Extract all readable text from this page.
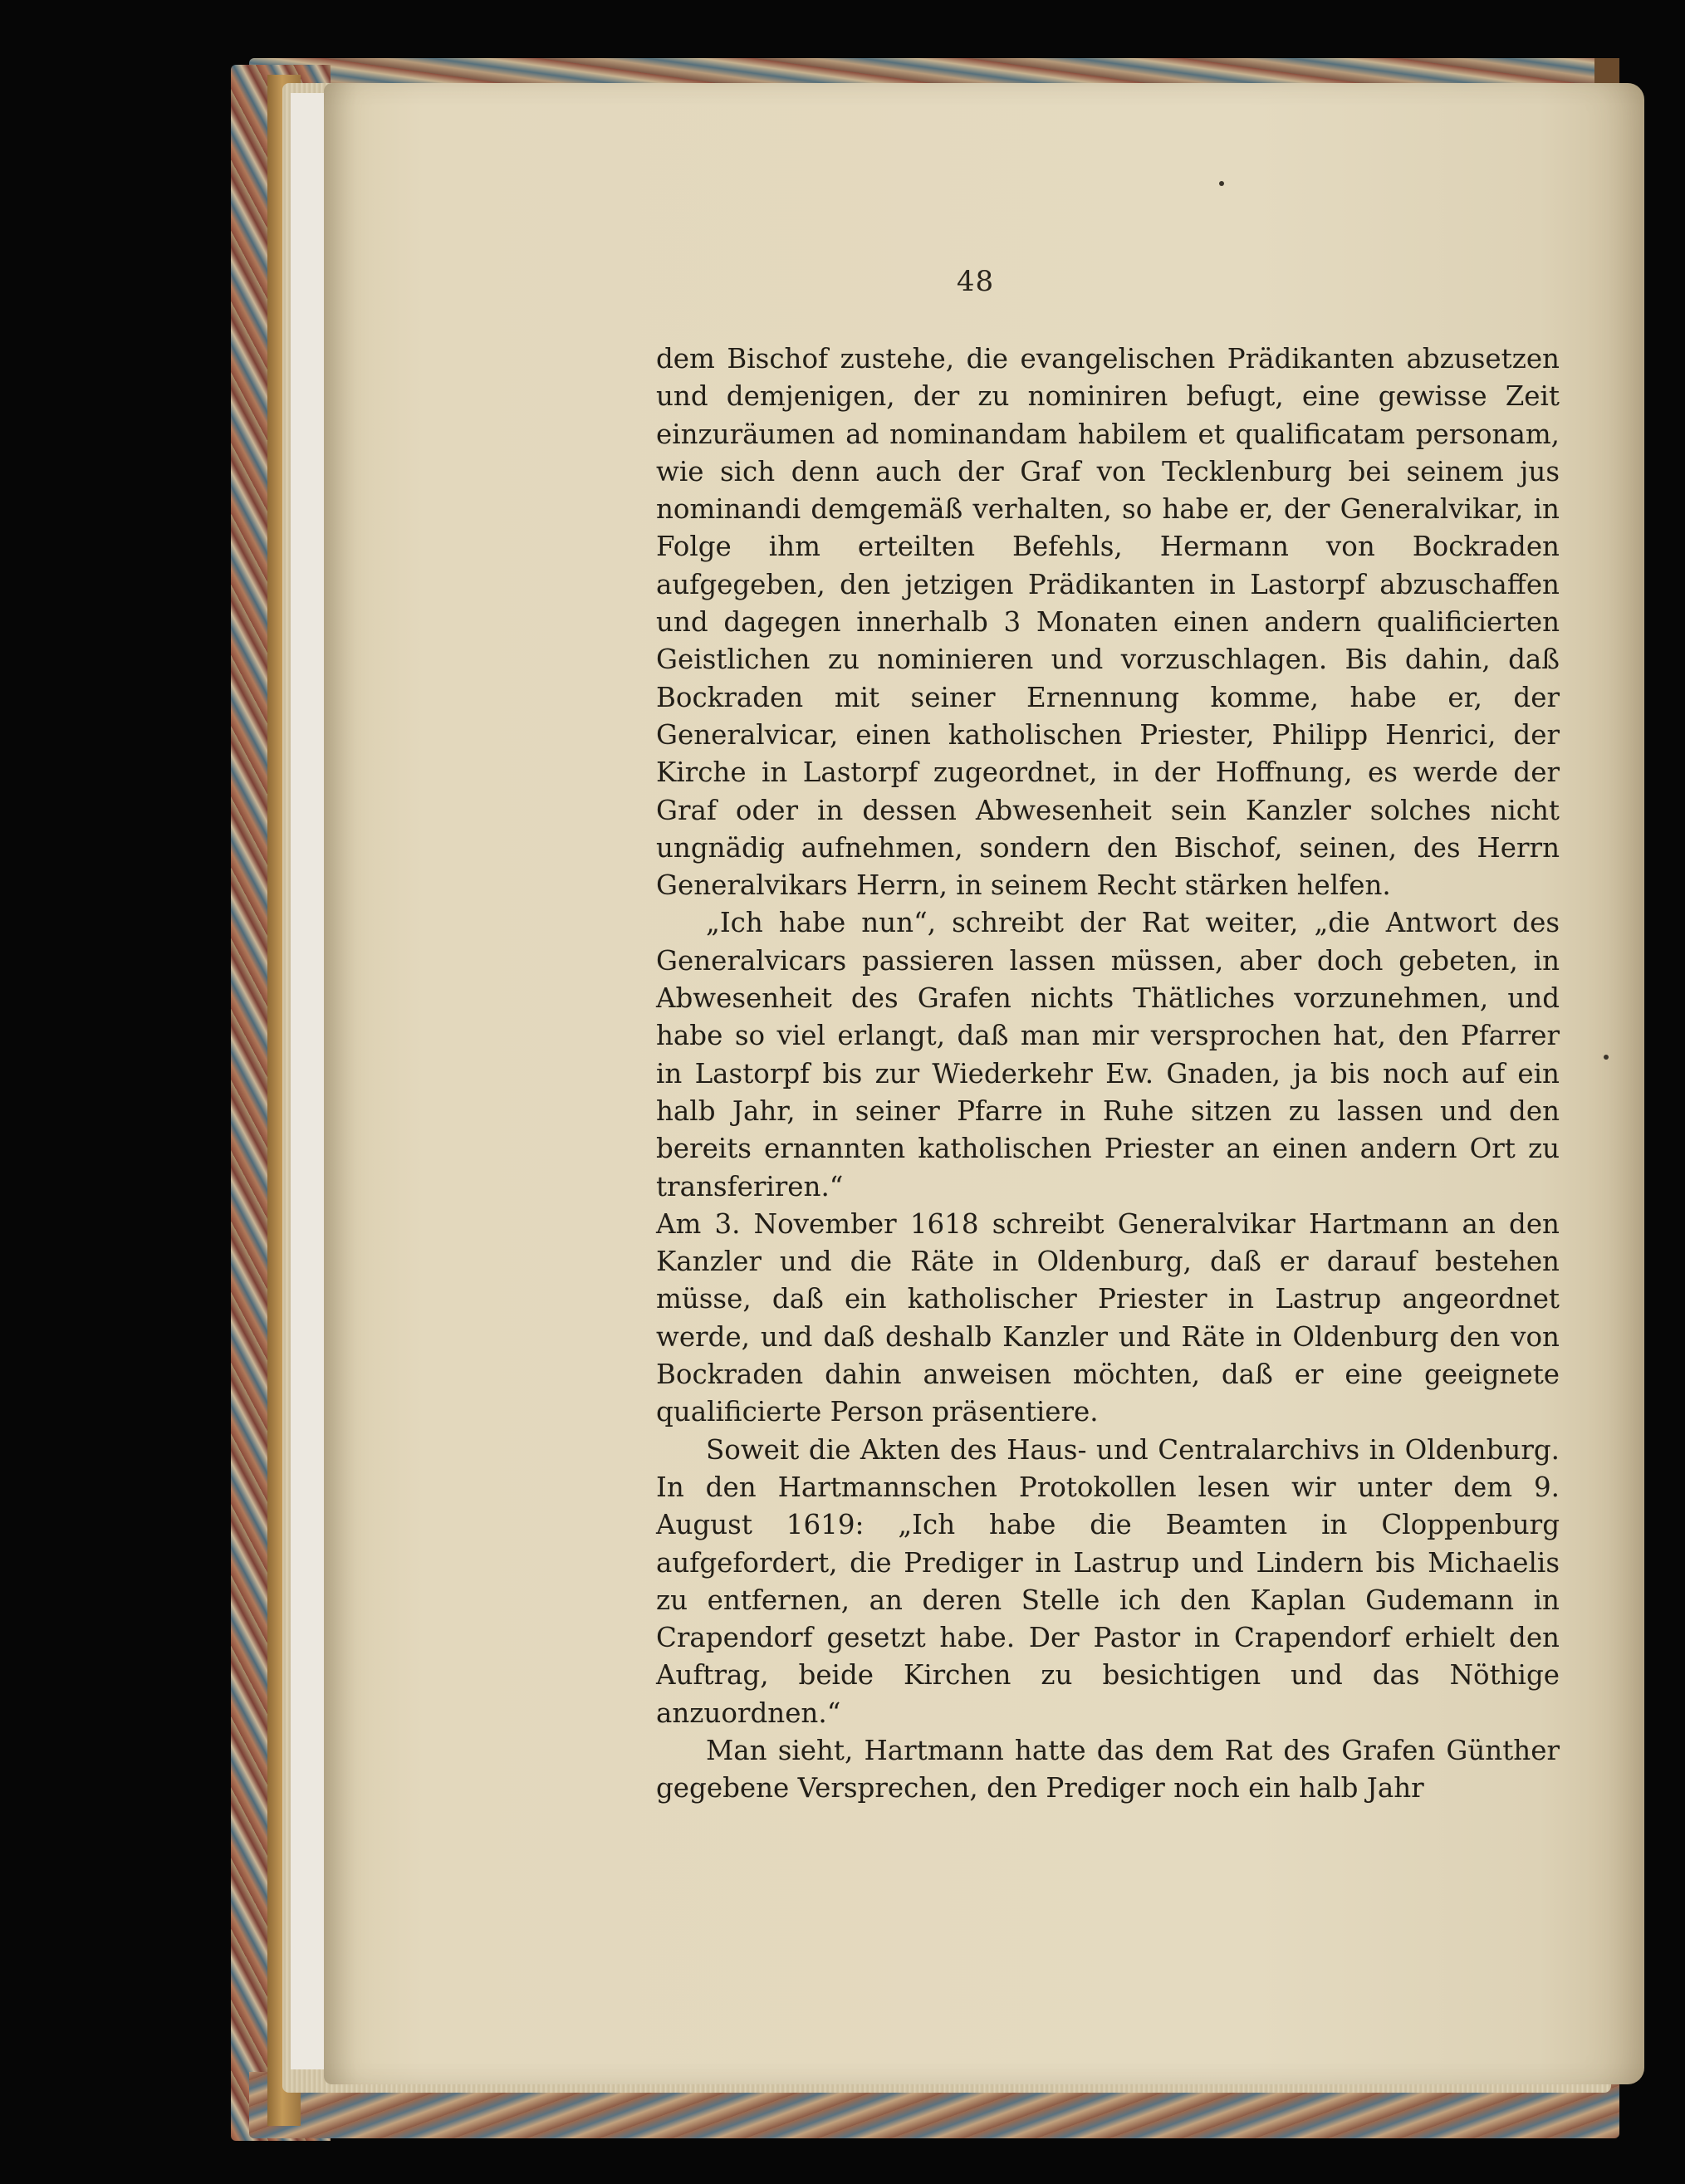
48

dem Bischof zustehe, die evangelischen Prädikanten abzusetzen und demjenigen, der zu nominiren befugt, eine gewisse Zeit einzuräumen ad nominandam habilem et qualificatam personam, wie sich denn auch der Graf von Tecklenburg bei seinem jus nominandi demgemäß verhalten, so habe er, der Generalvikar, in Folge ihm erteilten Befehls, Hermann von Bockraden aufgegeben, den jetzigen Prädikanten in Lastorpf abzuschaffen und dagegen innerhalb 3 Monaten einen andern qualificierten Geistlichen zu nominieren und vorzuschlagen. Bis dahin, daß Bockraden mit seiner Ernennung komme, habe er, der Generalvicar, einen katholischen Priester, Philipp Henrici, der Kirche in Lastorpf zugeordnet, in der Hoffnung, es werde der Graf oder in dessen Abwesenheit sein Kanzler solches nicht ungnädig aufnehmen, sondern den Bischof, seinen, des Herrn Generalvikars Herrn, in seinem Recht stärken helfen.

„Ich habe nun“, schreibt der Rat weiter, „die Antwort des Generalvicars passieren lassen müssen, aber doch gebeten, in Abwesenheit des Grafen nichts Thätliches vorzunehmen, und habe so viel erlangt, daß man mir versprochen hat, den Pfarrer in Lastorpf bis zur Wiederkehr Ew. Gnaden, ja bis noch auf ein halb Jahr, in seiner Pfarre in Ruhe sitzen zu lassen und den bereits ernannten katholischen Priester an einen andern Ort zu transferiren.“

Am 3. November 1618 schreibt Generalvikar Hartmann an den Kanzler und die Räte in Oldenburg, daß er darauf bestehen müsse, daß ein katholischer Priester in Lastrup angeordnet werde, und daß deshalb Kanzler und Räte in Oldenburg den von Bockraden dahin anweisen möchten, daß er eine geeignete qualificierte Person präsentiere.

Soweit die Akten des Haus- und Centralarchivs in Oldenburg. In den Hartmannschen Protokollen lesen wir unter dem 9. August 1619: „Ich habe die Beamten in Cloppenburg aufgefordert, die Prediger in Lastrup und Lindern bis Michaelis zu entfernen, an deren Stelle ich den Kaplan Gudemann in Crapendorf gesetzt habe. Der Pastor in Crapendorf erhielt den Auftrag, beide Kirchen zu besichtigen und das Nöthige anzuordnen.“

Man sieht, Hartmann hatte das dem Rat des Grafen Günther gegebene Versprechen, den Prediger noch ein halb Jahr
